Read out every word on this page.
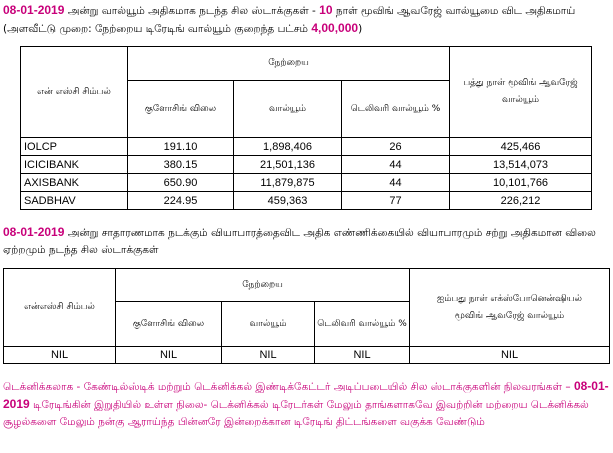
08-01-2019 அன்று வால்யூம் அதிகமாக நடந்த சில ஸ்டாக்குகள் - 10 நாள் மூவிங் ஆவரேஜ் வால்யூமை விட அதிகமாய் (அளவீட்டு முறை: நேற்றைய டிரேடிங் வால்யூம் குறைந்த பட்சம் 4,00,000)
என் எஸ்சி சிம்பல்	நேற்றைய			பத்து நாள் மூவிங் ஆவரேஜ் வால்யூம்
	குளோசிங் விலை	வால்யூம்	டெலிவரி வால்யூம் %	
IOLCP	191.10	1,898,406	26	425,466
ICICIBANK	380.15	21,501,136	44	13,514,073
AXISBANK	650.90	11,879,875	44	10,101,766
SADBHAV	224.95	459,363	77	226,212
08-01-2019 அன்று சாதாரணமாக நடக்கும் வியாபாரத்தைவிட அதிக எண்ணிக்கையில் வியாபாரமும் சற்று அதிகமான விலை ஏற்றமும் நடந்த சில ஸ்டாக்குகள்
என்எஸ்சி சிம்பல்	நேற்றைய			ஐம்பது நாள் எக்ஸ்போனென்ஷியல் மூவிங் ஆவரேஜ் வால்யூம்
	குளோசிங் விலை	வால்யூம்	டெலிவரி வால்யூம் %	
NIL	NIL	NIL	NIL	NIL
டெக்னிக்கலாக - கேண்டில்ஸ்டிக் மற்றும் டெக்னிக்கல் இண்டிக்கேட்டர் அடிப்படையில் சில ஸ்டாக்குகளின் நிலவரங்கள் – 08-01-2019 டிரேடிங்கின் இறுதியில் உள்ள நிலை- டெக்னிக்கல் டிரேடர்கள் மேலும் தாங்களாகவே இவற்றின் மற்றைய டெக்னிக்கல் சூழல்களை மேலும் நன்கு ஆராய்ந்த பின்னரே இன்றைக்கான டிரேடிங் திட்டங்களை வகுக்க வேண்டும்
